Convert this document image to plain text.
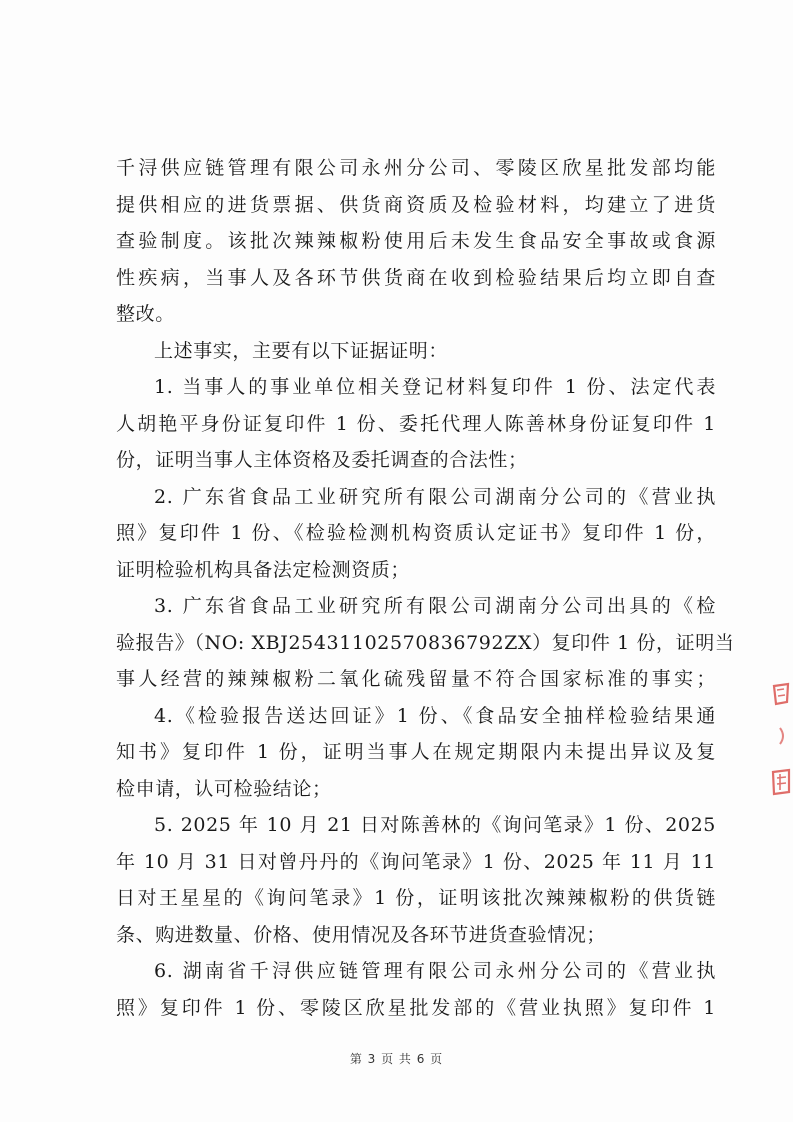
千浔供应链管理有限公司永州分公司、零陵区欣星批发部均能
提供相应的进货票据、供货商资质及检验材料，均建立了进货
查验制度。该批次辣辣椒粉使用后未发生食品安全事故或食源
性疾病，当事人及各环节供货商在收到检验结果后均立即自查
整改。
上述事实，主要有以下证据证明：
1. 当事人的事业单位相关登记材料复印件 1 份、法定代表
人胡艳平身份证复印件 1 份、委托代理人陈善林身份证复印件 1
份，证明当事人主体资格及委托调查的合法性；
2. 广东省食品工业研究所有限公司湖南分公司的《营业执
照》复印件 1 份、《检验检测机构资质认定证书》复印件 1 份，
证明检验机构具备法定检测资质；
3. 广东省食品工业研究所有限公司湖南分公司出具的《检
验报告》（NO: XBJ25431102570836792ZX）复印件 1 份，证明当
事人经营的辣辣椒粉二氧化硫残留量不符合国家标准的事实；
4.《检验报告送达回证》1 份、《食品安全抽样检验结果通
知书》复印件 1 份，证明当事人在规定期限内未提出异议及复
检申请，认可检验结论；
5. 2025 年 10 月 21 日对陈善林的《询问笔录》1 份、2025
年 10 月 31 日对曾丹丹的《询问笔录》1 份、2025 年 11 月 11
日对王星星的《询问笔录》1 份，证明该批次辣辣椒粉的供货链
条、购进数量、价格、使用情况及各环节进货查验情况；
6. 湖南省千浔供应链管理有限公司永州分公司的《营业执
照》复印件 1 份、零陵区欣星批发部的《营业执照》复印件 1
第 3 页 共 6 页
